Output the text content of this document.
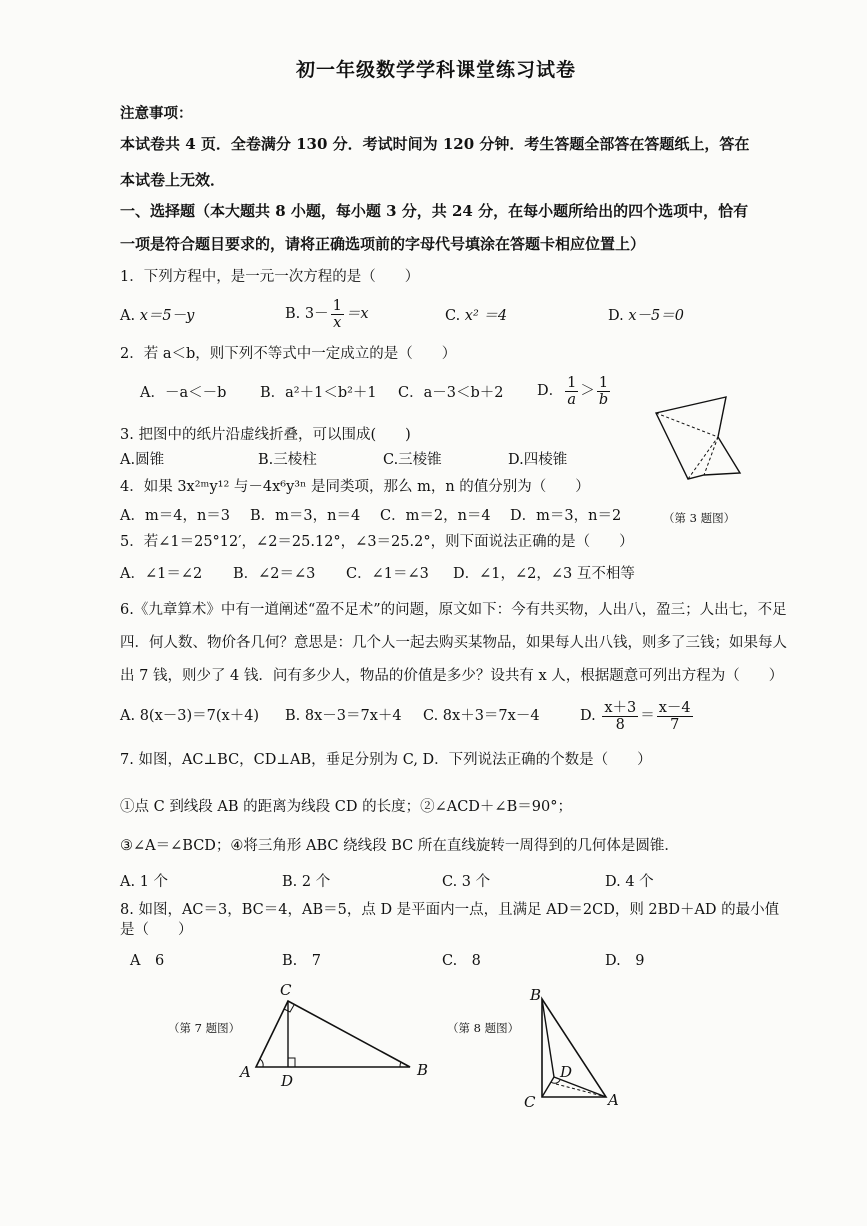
初一年级数学学科课堂练习试卷
注意事项：
本试卷共 4 页．全卷满分 130 分．考试时间为 120 分钟．考生答题全部答在答题纸上，答在
本试卷上无效．
一、选择题（本大题共 8 小题，每小题 3 分，共 24 分，在每小题所给出的四个选项中，恰有
一项是符合题目要求的，请将正确选项前的字母代号填涂在答题卡相应位置上）
1．下列方程中，是一元一次方程的是（　　）
A. x＝5－y	B. $3- \frac{1}{x} =x$	C. x² ＝4	D. x－5＝0
2．若 a＜b，则下列不等式中一定成立的是（　　）
A．－a＜－b B．a²＋1＜b²＋1 C．a－3＜b＋2 D． $\frac{1}{a} > \frac{1}{b}$
3. 把图中的纸片沿虚线折叠，可以围成(　　)
A.圆锥	B.三棱柱	C.三棱锥	D.四棱锥
（第 3 题图）
4．如果 3x²ᵐy¹² 与－4x⁶y³ⁿ 是同类项，那么 m，n 的值分别为（　　）
A．m＝4，n＝3 B．m＝3，n＝4 C．m＝2，n＝4 D．m＝3，n＝2
5．若∠1＝25°12′，∠2＝25.12°，∠3＝25.2°，则下面说法正确的是（　　）
A．∠1＝∠2 B．∠2＝∠3 C．∠1＝∠3 D．∠1，∠2，∠3 互不相等
6.《九章算术》中有一道阐述“盈不足术”的问题，原文如下：今有共买物，人出八，盈三；人出七，不足
四．何人数、物价各几何？意思是：几个人一起去购买某物品，如果每人出八钱，则多了三钱；如果每人
出 7 钱，则少了 4 钱．问有多少人，物品的价值是多少？设共有 x 人，根据题意可列出方程为（　　）
A. 8(x－3)＝7(x＋4) B. 8x－3＝7x＋4 C. 8x＋3＝7x－4	D. $\frac{x+3}{8} = \frac{x-4}{7}$
7. 如图，AC⊥BC，CD⊥AB，垂足分别为 C, D．下列说法正确的个数是（　　）
①点 C 到线段 AB 的距离为线段 CD 的长度；②∠ACD＋∠B＝90°；
③∠A＝∠BCD；④将三角形 ABC 绕线段 BC 所在直线旋转一周得到的几何体是圆锥．
A. 1 个	B. 2 个	C. 3 个	D. 4 个
8. 如图，AC＝3，BC＝4，AB＝5，点 D 是平面内一点，且满足 AD＝2CD，则 2BD＋AD 的最小值
是（　　）
A　6	B.　7	C.　8	D.　9
（第 7 题图）
C
A D
B
（第 8 题图）
B
D
C	A
